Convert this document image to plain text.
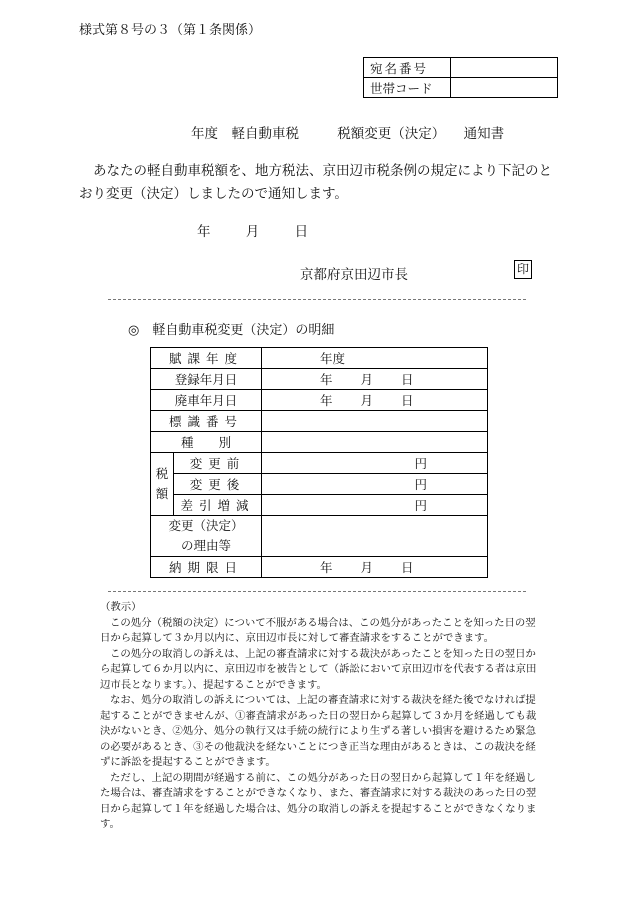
様式第８号の３（第１条関係）
宛名番号	
世帯コード	
年度　軽自動車税	税額変更（決定） 通知書
あなたの軽自動車税額を、地方税法、京田辺市税条例の規定により下記のとおり変更（決定）しましたので通知します。
年	月	日
京都府京田辺市長	印
◎　軽自動車税変更（決定）の明細
賦課年度		年度
登録年月日		年 月 日
廃車年月日		年 月 日
標識番号		
種　　別		
税額	変更前	円
	変更後	円
	差引増減	円

変更（決定）
の理由等		

納期限日		年 月 日

（教示）

この処分（税額の決定）について不服がある場合は、この処分があったことを知った日の翌日から起算して３か月以内に、京田辺市長に対して審査請求をすることができます。

この処分の取消しの訴えは、上記の審査請求に対する裁決があったことを知った日の翌日から起算して６か月以内に、京田辺市を被告として（訴訟において京田辺市を代表する者は京田辺市長となります。）、提起することができます。

なお、処分の取消しの訴えについては、上記の審査請求に対する裁決を経た後でなければ提起することができませんが、①審査請求があった日の翌日から起算して３か月を経過しても裁決がないとき、②処分、処分の執行又は手続の続行により生ずる著しい損害を避けるため緊急の必要があるとき、③その他裁決を経ないことにつき正当な理由があるときは、この裁決を経ずに訴訟を提起することができます。

ただし、上記の期間が経過する前に、この処分があった日の翌日から起算して１年を経過した場合は、審査請求をすることができなくなり、また、審査請求に対する裁決のあった日の翌日から起算して１年を経過した場合は、処分の取消しの訴えを提起することができなくなります。
